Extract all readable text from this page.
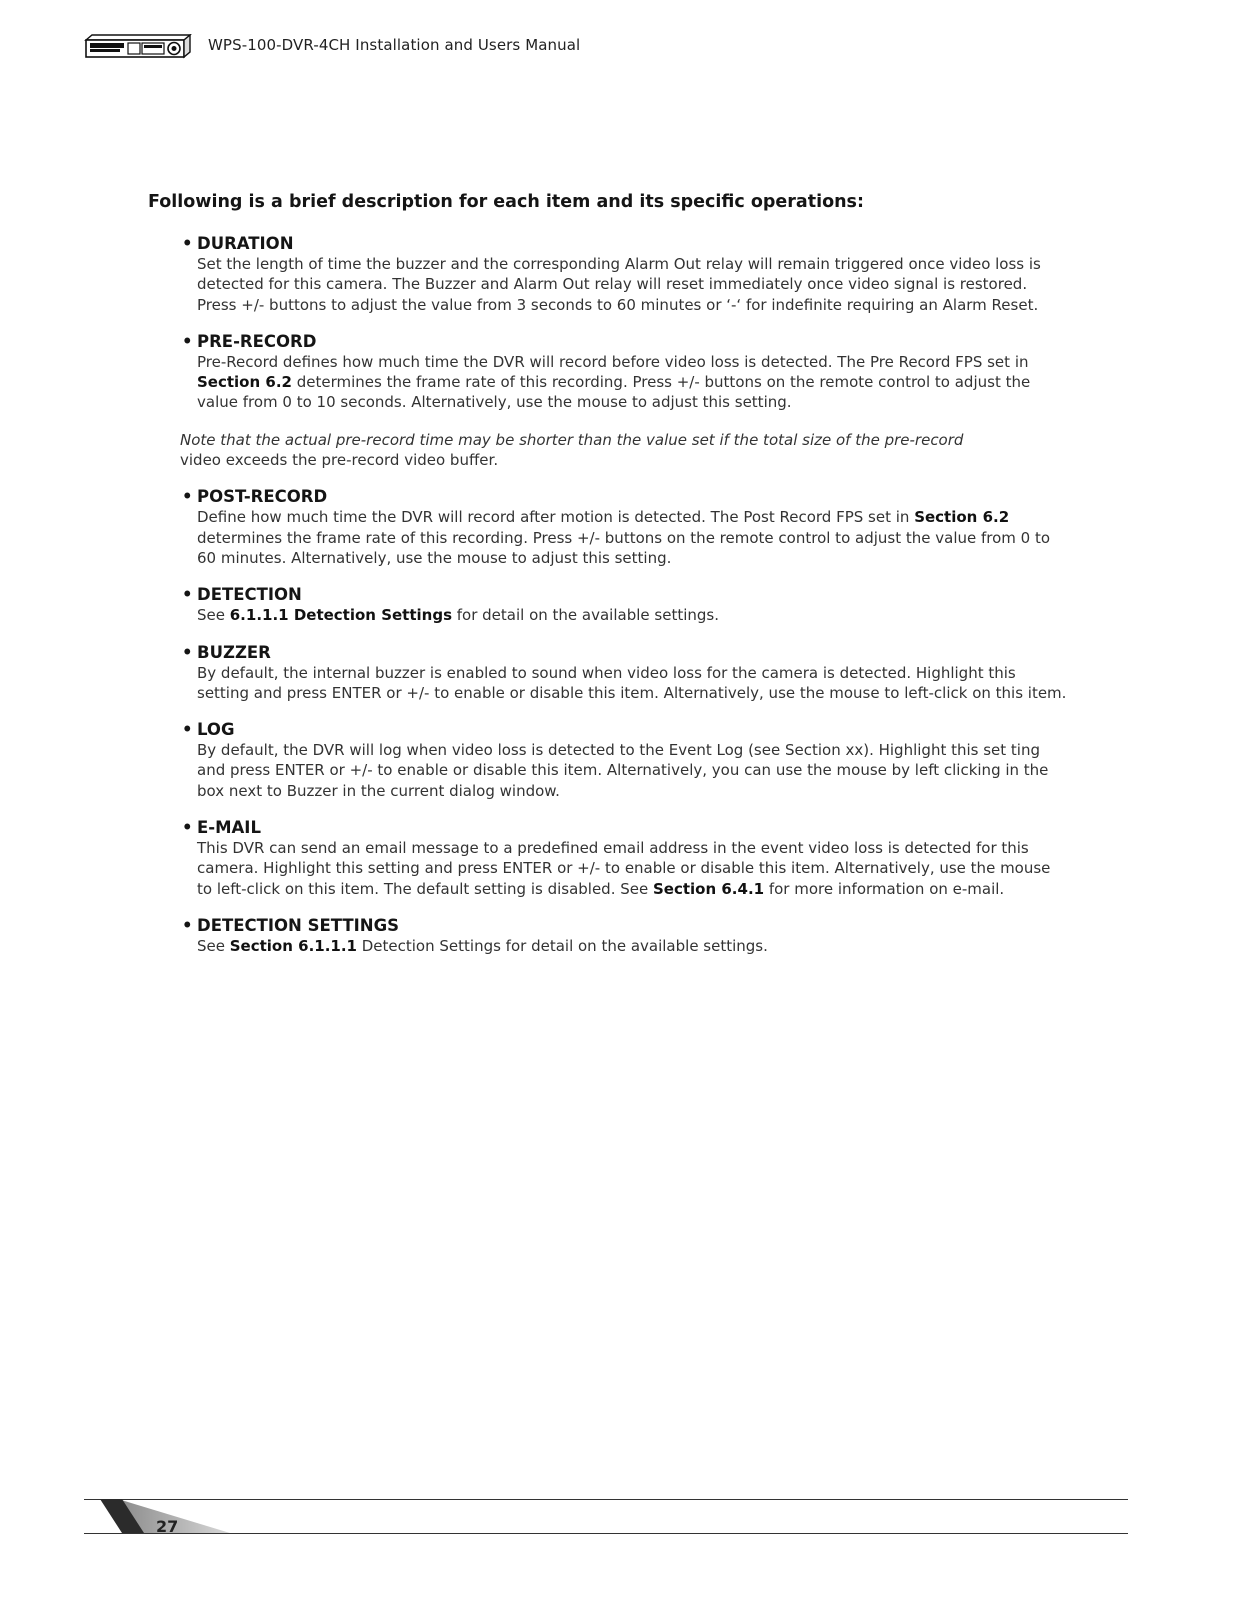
WPS-100-DVR-4CH Installation and Users Manual
Following is a brief description for each item and its specific operations:
• DURATION
Set the length of time the buzzer and the corresponding Alarm Out relay will remain triggered once video loss is detected for this camera. The Buzzer and Alarm Out relay will reset immediately once video signal is restored. Press +/- buttons to adjust the value from 3 seconds to 60 minutes or ‘-‘ for indefinite requiring an Alarm Reset.
• PRE-RECORD
Pre-Record defines how much time the DVR will record before video loss is detected. The Pre Record FPS set in Section 6.2 determines the frame rate of this recording. Press +/- buttons on the remote control to adjust the value from 0 to 10 seconds. Alternatively, use the mouse to adjust this setting.
Note that the actual pre-record time may be shorter than the value set if the total size of the pre-record
video exceeds the pre-record video buffer.
• POST-RECORD
Define how much time the DVR will record after motion is detected. The Post Record FPS set in Section 6.2 determines the frame rate of this recording. Press +/- buttons on the remote control to adjust the value from 0 to 60 minutes. Alternatively, use the mouse to adjust this setting.
• DETECTION
See 6.1.1.1 Detection Settings for detail on the available settings.
• BUZZER
By default, the internal buzzer is enabled to sound when video loss for the camera is detected. Highlight this setting and press ENTER or +/- to enable or disable this item. Alternatively, use the mouse to left-click on this item.
• LOG
By default, the DVR will log when video loss is detected to the Event Log (see Section xx). Highlight this set ting and press ENTER or +/- to enable or disable this item. Alternatively, you can use the mouse by left clicking in the box next to Buzzer in the current dialog window.
• E-MAIL
This DVR can send an email message to a predefined email address in the event video loss is detected for this camera. Highlight this setting and press ENTER or +/- to enable or disable this item. Alternatively, use the mouse to left-click on this item. The default setting is disabled. See Section 6.4.1 for more information on e-mail.
• DETECTION SETTINGS
See Section 6.1.1.1 Detection Settings for detail on the available settings.
27
